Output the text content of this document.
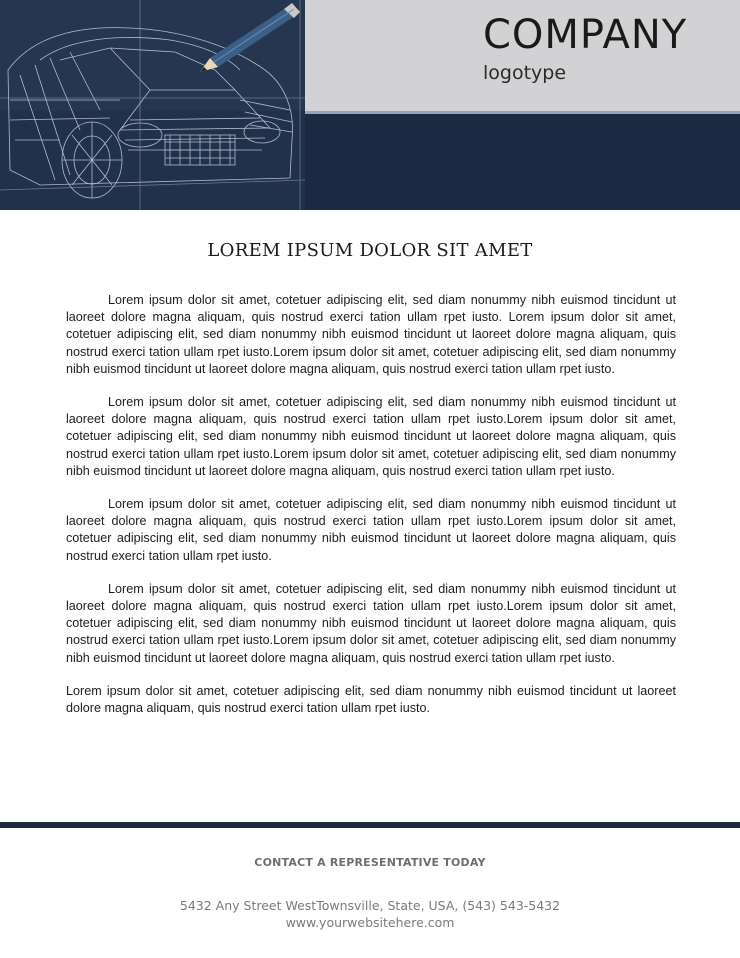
COMPANY
logotype
LOREM IPSUM DOLOR SIT AMET

Lorem ipsum dolor sit amet, cotetuer adipiscing elit, sed diam nonummy nibh euismod tincidunt ut laoreet dolore magna aliquam, quis nostrud exerci tation ullam rpet iusto. Lorem ipsum dolor sit amet, cotetuer adipiscing elit, sed diam nonummy nibh euismod tincidunt ut laoreet dolore magna aliquam, quis nostrud exerci tation ullam rpet iusto.Lorem ipsum dolor sit amet, cotetuer adipiscing elit, sed diam nonummy nibh euismod tincidunt ut laoreet dolore magna aliquam, quis nostrud exerci tation ullam rpet iusto.

Lorem ipsum dolor sit amet, cotetuer adipiscing elit, sed diam nonummy nibh euismod tincidunt ut laoreet dolore magna aliquam, quis nostrud exerci tation ullam rpet iusto.Lorem ipsum dolor sit amet, cotetuer adipiscing elit, sed diam nonummy nibh euismod tincidunt ut laoreet dolore magna aliquam, quis nostrud exerci tation ullam rpet iusto.Lorem ipsum dolor sit amet, cotetuer adipiscing elit, sed diam nonummy nibh euismod tincidunt ut laoreet dolore magna aliquam, quis nostrud exerci tation ullam rpet iusto.

Lorem ipsum dolor sit amet, cotetuer adipiscing elit, sed diam nonummy nibh euismod tincidunt ut laoreet dolore magna aliquam, quis nostrud exerci tation ullam rpet iusto.Lorem ipsum dolor sit amet, cotetuer adipiscing elit, sed diam nonummy nibh euismod tincidunt ut laoreet dolore magna aliquam, quis nostrud exerci tation ullam rpet iusto.

Lorem ipsum dolor sit amet, cotetuer adipiscing elit, sed diam nonummy nibh euismod tincidunt ut laoreet dolore magna aliquam, quis nostrud exerci tation ullam rpet iusto.Lorem ipsum dolor sit amet, cotetuer adipiscing elit, sed diam nonummy nibh euismod tincidunt ut laoreet dolore magna aliquam, quis nostrud exerci tation ullam rpet iusto.Lorem ipsum dolor sit amet, cotetuer adipiscing elit, sed diam nonummy nibh euismod tincidunt ut laoreet dolore magna aliquam, quis nostrud exerci tation ullam rpet iusto.

Lorem ipsum dolor sit amet, cotetuer adipiscing elit, sed diam nonummy nibh euismod tincidunt ut laoreet dolore magna aliquam, quis nostrud exerci tation ullam rpet iusto.

CONTACT A REPRESENTATIVE TODAY
5432 Any Street WestTownsville, State, USA, (543) 543-5432
www.yourwebsitehere.com
